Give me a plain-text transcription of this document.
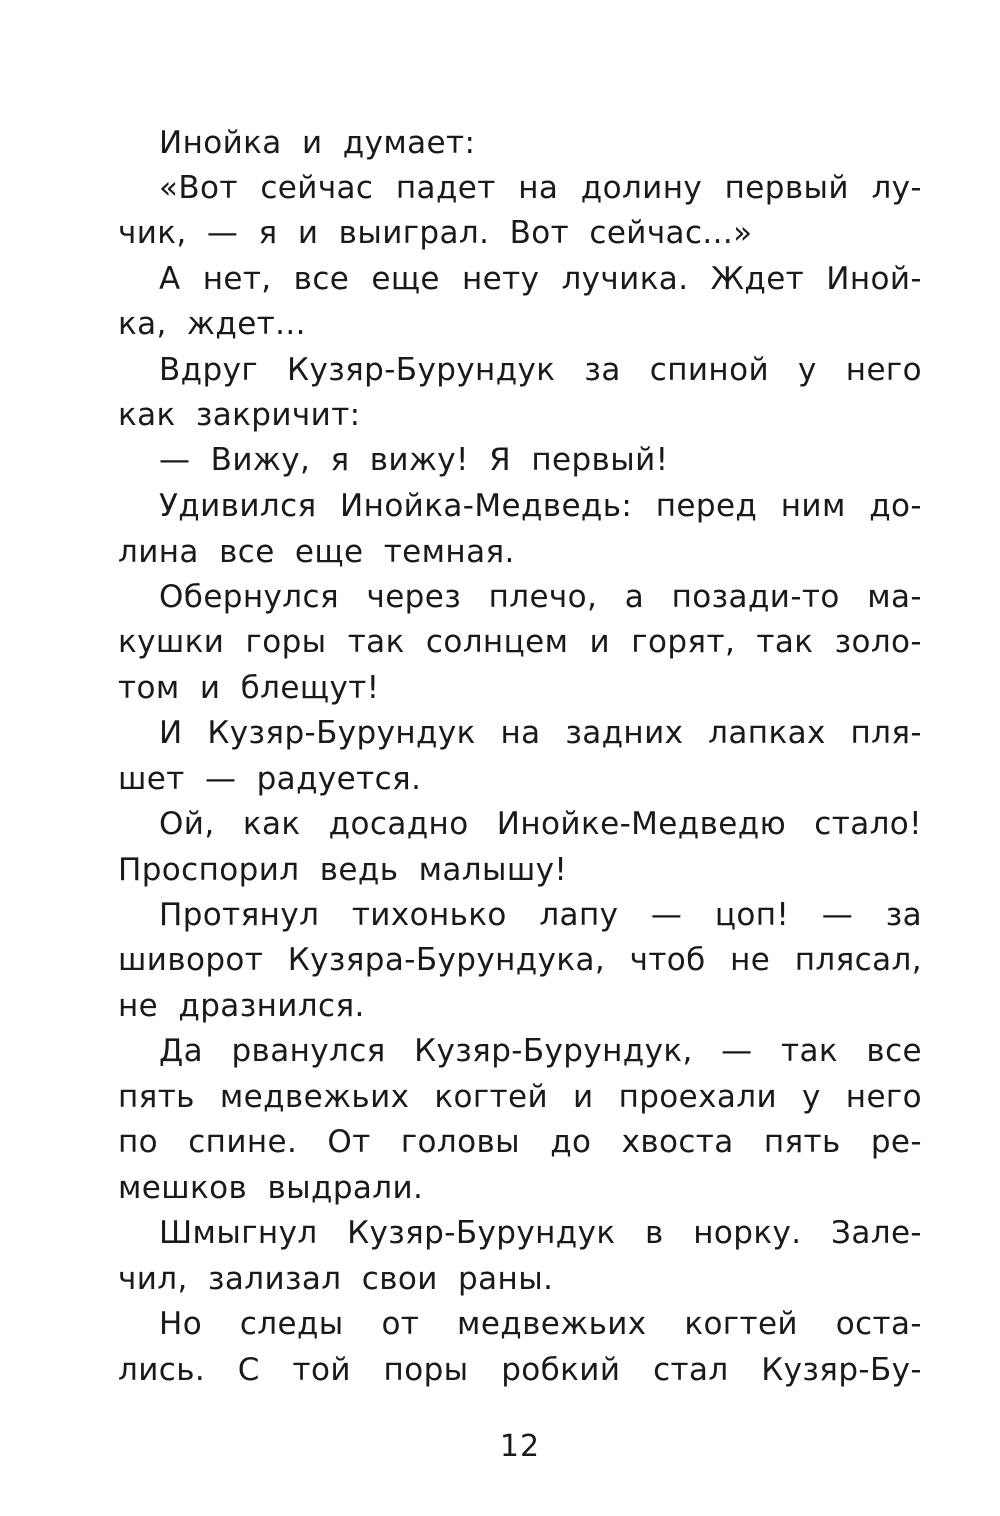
Инойка и думает:
«Вот сейчас падет на долину первый лу-
чик, — я и выиграл. Вот сейчас...»
А нет, все еще нету лучика. Ждет Иной-
ка, ждет...
Вдруг Кузяр-Бурундук за спиной у него
как закричит:
— Вижу, я вижу! Я первый!
Удивился Инойка-Медведь: перед ним до-
лина все еще темная.
Обернулся через плечо, а позади-то ма-
кушки горы так солнцем и горят, так золо-
том и блещут!
И Кузяр-Бурундук на задних лапках пля-
шет — радуется.
Ой, как досадно Инойке-Медведю стало!
Проспорил ведь малышу!
Протянул тихонько лапу — цоп! — за
шиворот Кузяра-Бурундука, чтоб не плясал,
не дразнился.
Да рванулся Кузяр-Бурундук, — так все
пять медвежьих когтей и проехали у него
по спине. От головы до хвоста пять ре-
мешков выдрали.
Шмыгнул Кузяр-Бурундук в норку. Зале-
чил, зализал свои раны.
Но следы от медвежьих когтей оста-
лись. С той поры робкий стал Кузяр-Бу-
12
